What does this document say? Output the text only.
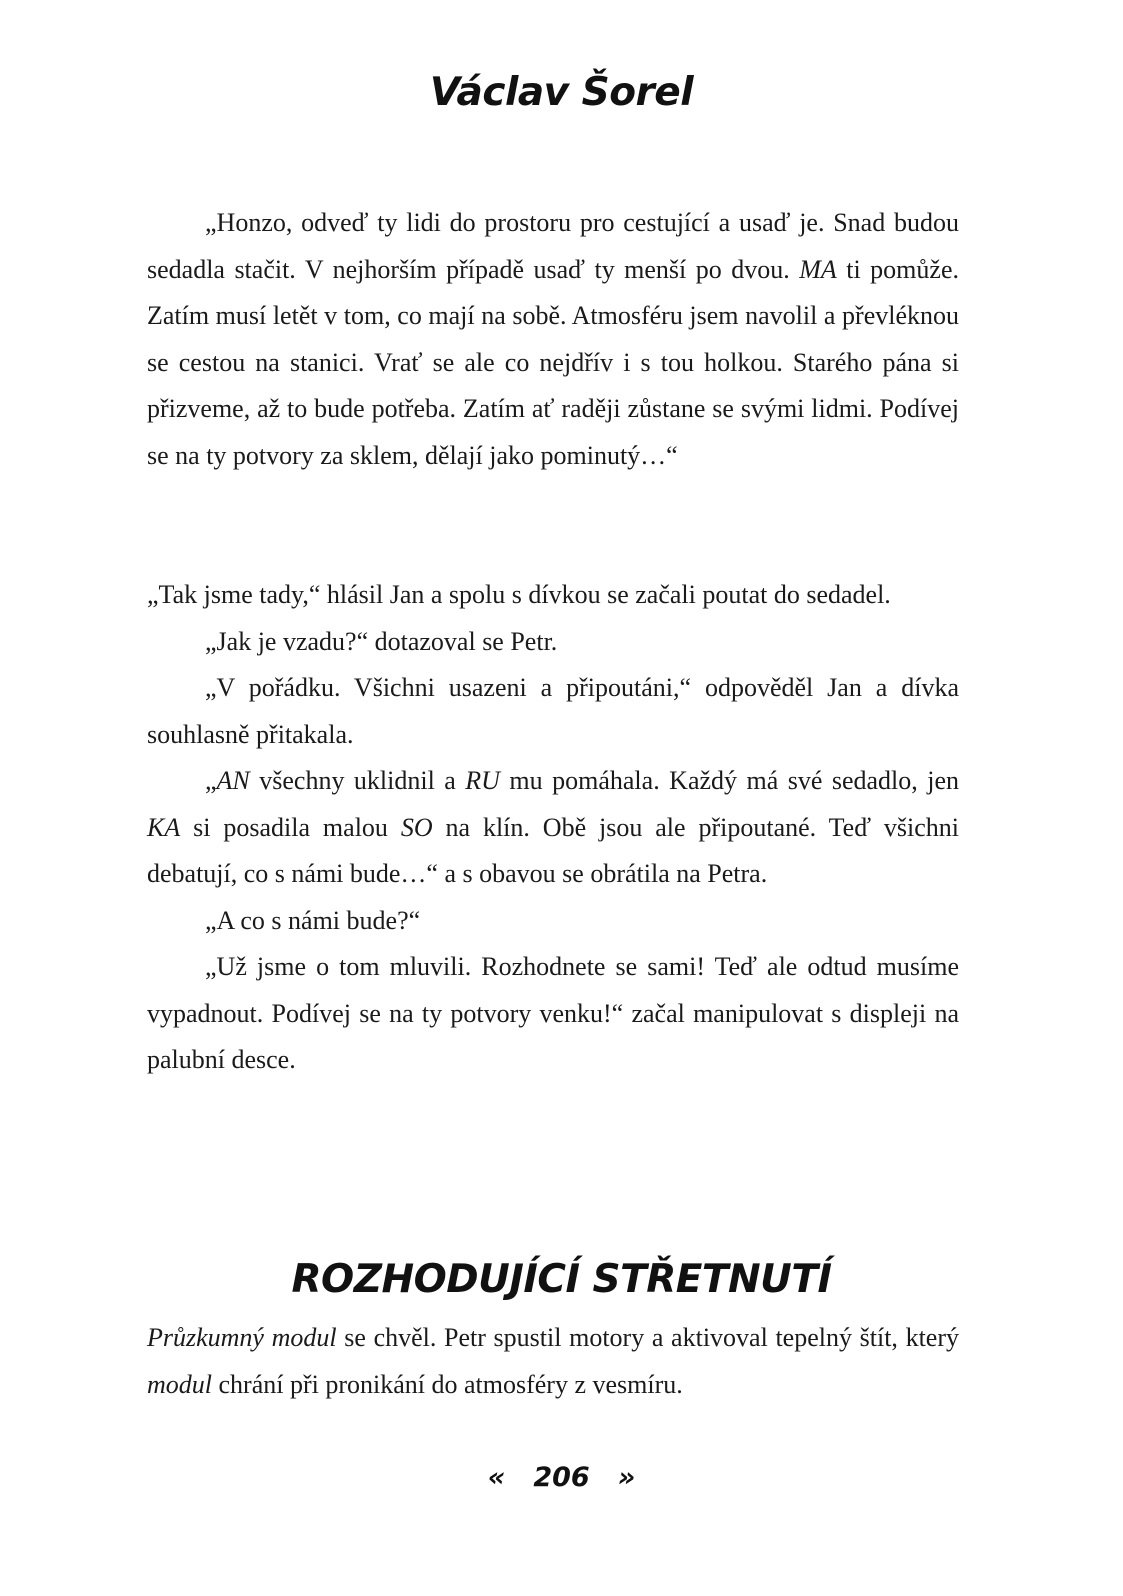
Václav Šorel

„Honzo, odveď ty lidi do prostoru pro cestující a usaď je. Snad budou sedadla stačit. V nejhorším případě usaď ty menší po dvou. MA ti pomůže. Zatím musí letět v tom, co mají na sobě. Atmosféru jsem navolil a převléknou se cestou na stanici. Vrať se ale co nejdřív i s tou holkou. Starého pána si přizveme, až to bude potřeba. Zatím ať raději zůstane se svými lidmi. Podívej se na ty potvory za sklem, dělají jako pominutý…“

„Tak jsme tady,“ hlásil Jan a spolu s dívkou se začali poutat do sedadel.

„Jak je vzadu?“ dotazoval se Petr.

„V pořádku. Všichni usazeni a připoutáni,“ odpověděl Jan a dívka souhlasně přitakala.

„AN všechny uklidnil a RU mu pomáhala. Každý má své sedadlo, jen KA si posadila malou SO na klín. Obě jsou ale připoutané. Teď všichni debatují, co s námi bude…“ a s obavou se obrátila na Petra.

„A co s námi bude?“

„Už jsme o tom mluvili. Rozhodnete se sami! Teď ale odtud musíme vypadnout. Podívej se na ty potvory venku!“ začal manipulovat s displeji na palubní desce.

ROZHODUJÍCÍ STŘETNUTÍ

Průzkumný modul se chvěl. Petr spustil motory a aktivoval tepelný štít, který modul chrání při pronikání do atmosféry z vesmíru.

« 206 »
